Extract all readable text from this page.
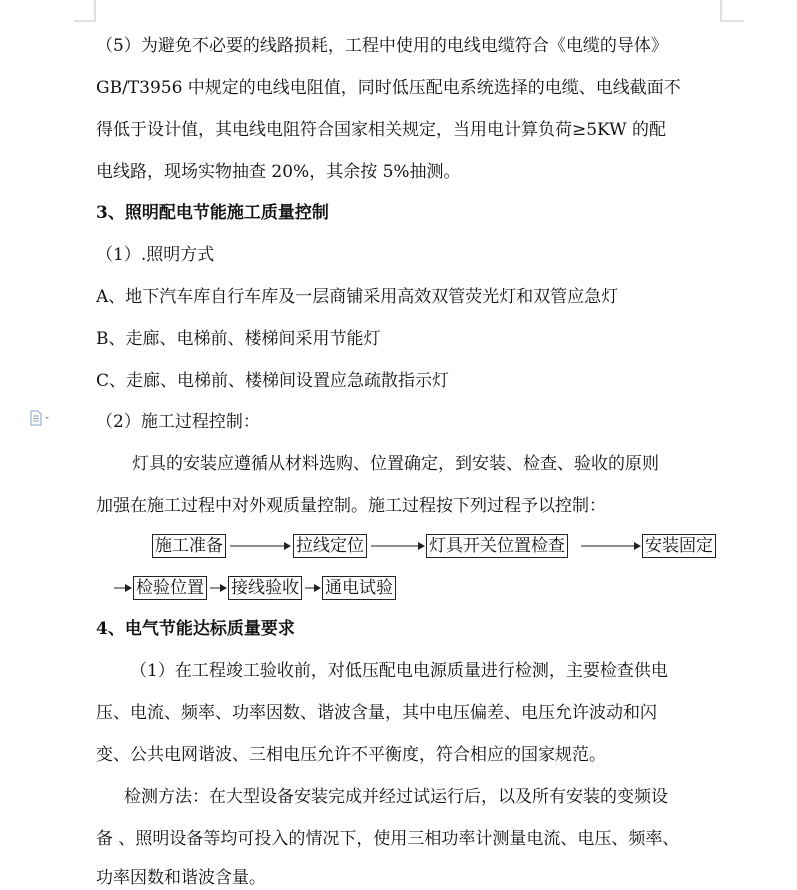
（5）为避免不必要的线路损耗，工程中使用的电线电缆符合《电缆的导体》
GB/T3956 中规定的电线电阻值，同时低压配电系统选择的电缆、电线截面不
得低于设计值，其电线电阻符合国家相关规定，当用电计算负荷≥5KW 的配
电线路，现场实物抽查 20%，其余按 5%抽测。
3、照明配电节能施工质量控制
（1）.照明方式
A、地下汽车库自行车库及一层商铺采用高效双管荧光灯和双管应急灯
B、走廊、电梯前、楼梯间采用节能灯
C、走廊、电梯前、楼梯间设置应急疏散指示灯
（2）施工过程控制：
灯具的安装应遵循从材料选购、位置确定，到安装、检查、验收的原则
加强在施工过程中对外观质量控制。施工过程按下列过程予以控制：
施工准备	拉线定位	灯具开关位置检查	安装固定
检验位置 接线验收 通电试验
4、电气节能达标质量要求
（1）在工程竣工验收前，对低压配电电源质量进行检测，主要检查供电
压、电流、频率、功率因数、谐波含量，其中电压偏差、电压允许波动和闪
变、公共电网谐波、三相电压允许不平衡度，符合相应的国家规范。
检测方法：在大型设备安装完成并经过试运行后，以及所有安装的变频设
备 、照明设备等均可投入的情况下，使用三相功率计测量电流、电压、频率、
功率因数和谐波含量。
